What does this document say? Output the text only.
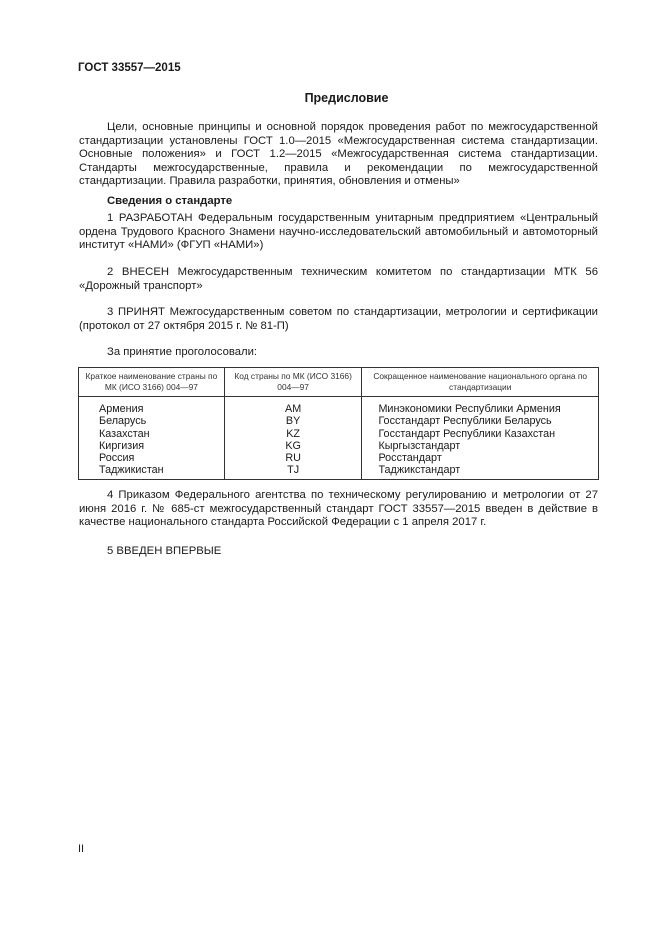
ГОСТ 33557—2015
Предисловие

Цели, основные принципы и основной порядок проведения работ по межгосударственной стандартизации установлены ГОСТ 1.0—2015 «Межгосударственная система стандартизации. Основные положения» и ГОСТ 1.2—2015 «Межгосударственная система стандартизации. Стандарты межгосударственные, правила и рекомендации по межгосударственной стандартизации. Правила разработки, принятия, обновления и отмены»

Сведения о стандарте

1 РАЗРАБОТАН Федеральным государственным унитарным предприятием «Центральный ордена Трудового Красного Знамени научно-исследовательский автомобильный и автомоторный институт «НАМИ» (ФГУП «НАМИ»)

2 ВНЕСЕН Межгосударственным техническим комитетом по стандартизации МТК 56 «Дорожный транспорт»

3 ПРИНЯТ Межгосударственным советом по стандартизации, метрологии и сертификации (протокол от 27 октября 2015 г. № 81-П)

За принятие проголосовали:
Краткое наименование страны по МК (ИСО 3166) 004—97	Код страны по МК (ИСО 3166) 004—97	Сокращенное наименование национального органа по стандартизации
Армения	AM	Минэкономики Республики Армения
Беларусь	BY	Госстандарт Республики Беларусь
Казахстан	KZ	Госстандарт Республики Казахстан
Киргизия	KG	Кыргызстандарт
Россия	RU	Росстандарт
Таджикистан	TJ	Таджикстандарт

4 Приказом Федерального агентства по техническому регулированию и метрологии от 27 июня 2016 г. № 685-ст межгосударственный стандарт ГОСТ 33557—2015 введен в действие в качестве национального стандарта Российской Федерации с 1 апреля 2017 г.

5 ВВЕДЕН ВПЕРВЫЕ
II
